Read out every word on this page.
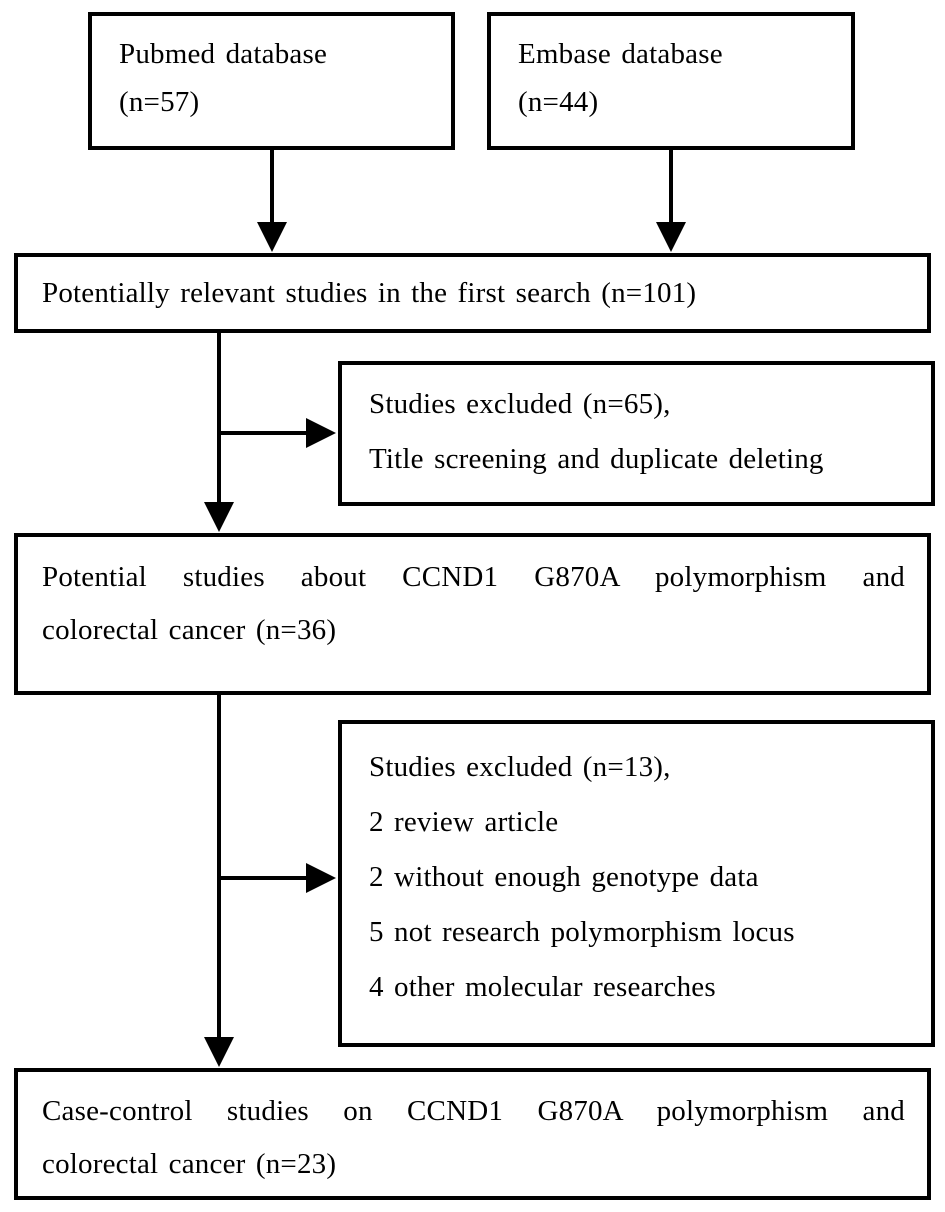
Pubmed database
(n=57)
Embase database
(n=44)
Potentially relevant studies in the first search (n=101)
Studies excluded (n=65),
Title screening and duplicate deleting
Potential studies about CCND1 G870A polymorphism and
colorectal cancer (n=36)
Studies excluded (n=13),
2 review article
2 without enough genotype data
5 not research polymorphism locus
4 other molecular researches
Case-control studies on CCND1 G870A polymorphism and
colorectal cancer (n=23)
